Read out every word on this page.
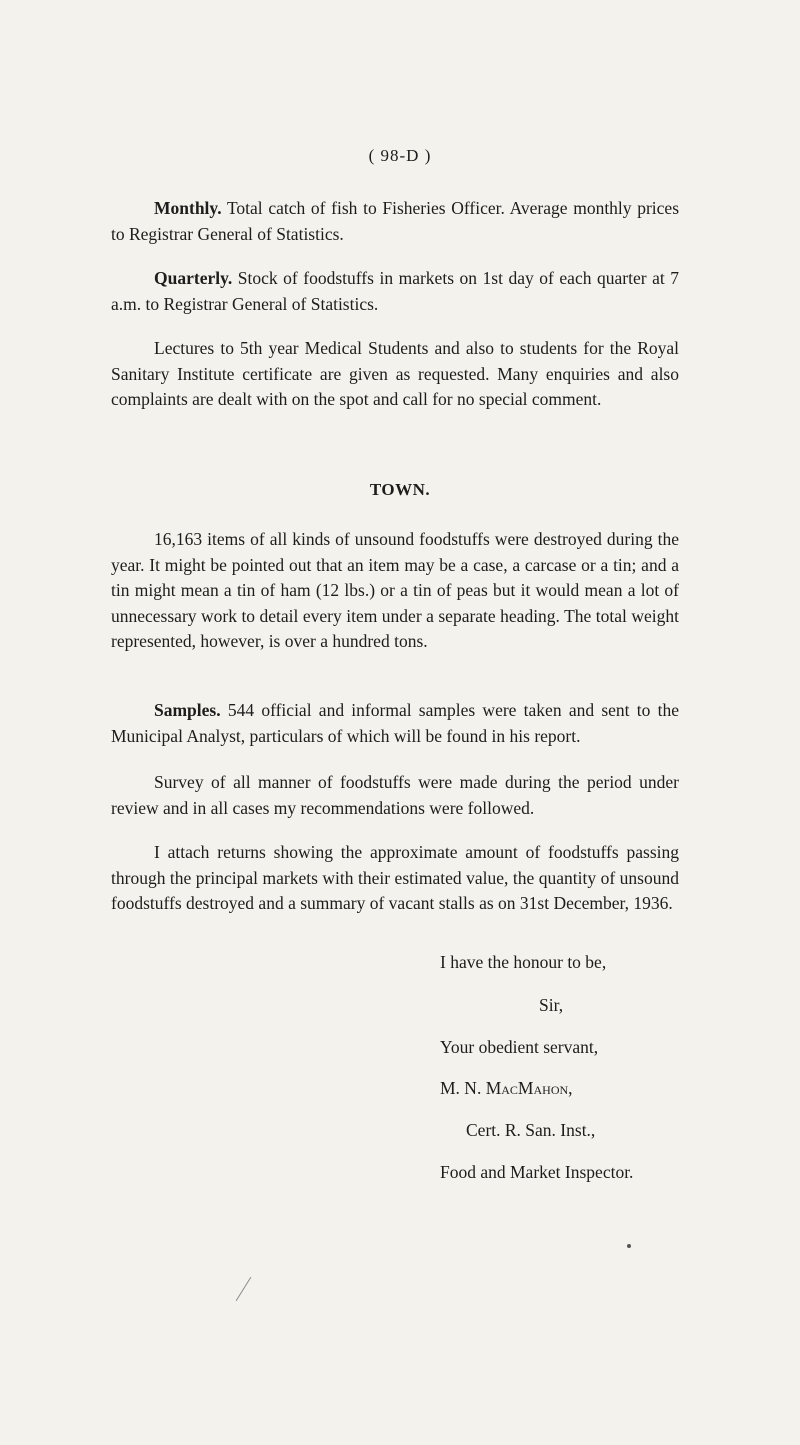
( 98-D )

Monthly. Total catch of fish to Fisheries Officer. Average monthly prices to Registrar General of Statistics.

Quarterly. Stock of foodstuffs in markets on 1st day of each quarter at 7 a.m. to Registrar General of Statistics.

Lectures to 5th year Medical Students and also to students for the Royal Sanitary Institute certificate are given as requested. Many enquiries and also complaints are dealt with on the spot and call for no special comment.

TOWN.

16,163 items of all kinds of unsound foodstuffs were destroyed during the year. It might be pointed out that an item may be a case, a carcase or a tin; and a tin might mean a tin of ham (12 lbs.) or a tin of peas but it would mean a lot of unnecessary work to detail every item under a separate heading. The total weight represented, however, is over a hundred tons.

Samples. 544 official and informal samples were taken and sent to the Municipal Analyst, particulars of which will be found in his report.

Survey of all manner of foodstuffs were made during the period under review and in all cases my recommendations were followed.

I attach returns showing the approximate amount of foodstuffs passing through the principal markets with their estimated value, the quantity of unsound foodstuffs destroyed and a summary of vacant stalls as on 31st December, 1936.

I have the honour to be,
Sir,
Your obedient servant,
M. N. MacMahon,
Cert. R. San. Inst.,
Food and Market Inspector.
